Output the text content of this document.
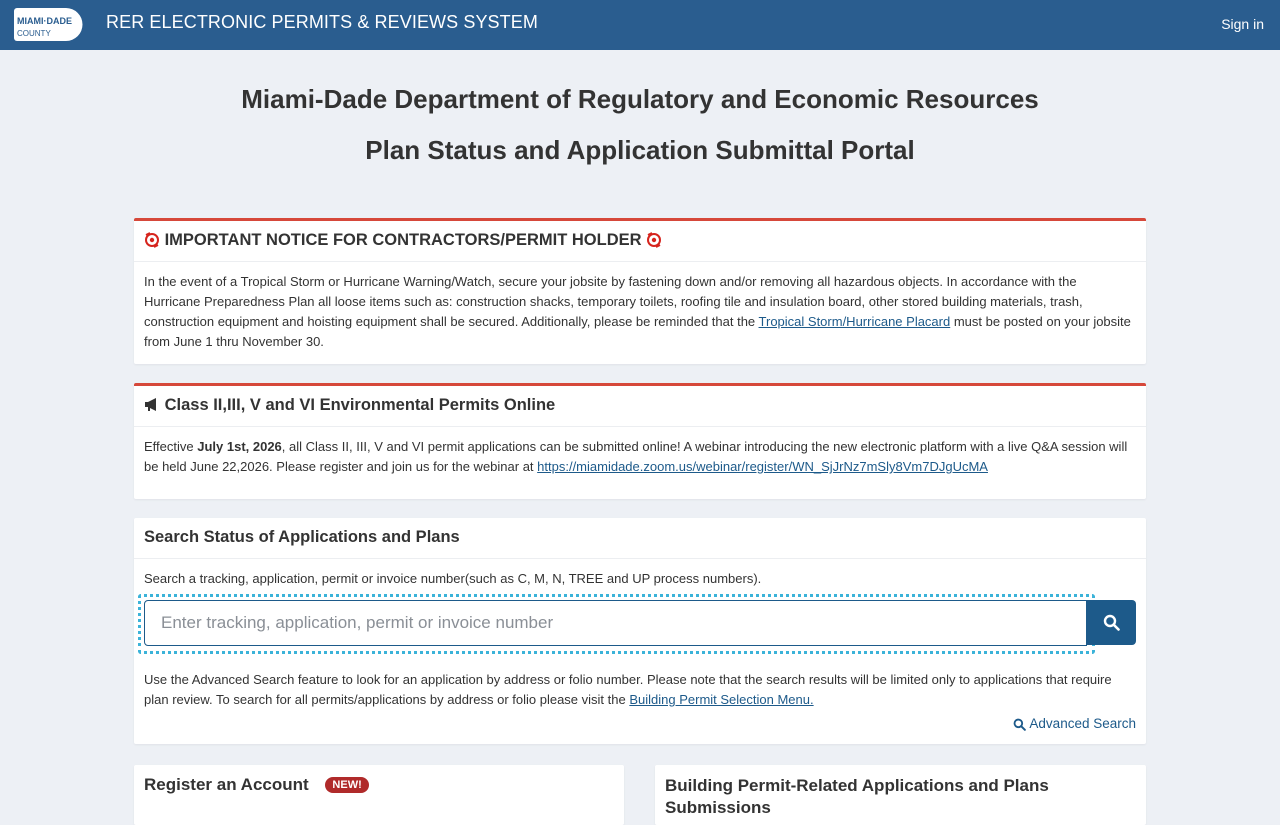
MIAMI·DADE
COUNTY
RER ELECTRONIC PERMITS & REVIEWS SYSTEM	Sign in
Miami-Dade Department of Regulatory and Economic Resources
Plan Status and Application Submittal Portal
IMPORTANT NOTICE FOR CONTRACTORS/PERMIT HOLDER
In the event of a Tropical Storm or Hurricane Warning/Watch, secure your jobsite by fastening down and/or removing all hazardous objects. In accordance with the Hurricane Preparedness Plan all loose items such as: construction shacks, temporary toilets, roofing tile and insulation board, other stored building materials, trash, construction equipment and hoisting equipment shall be secured. Additionally, please be reminded that the Tropical Storm/Hurricane Placard must be posted on your jobsite from June 1 thru November 30.
Class II,III, V and VI Environmental Permits Online
Effective July 1st, 2026, all Class II, III, V and VI permit applications can be submitted online! A webinar introducing the new electronic platform with a live Q&A session will be held June 22,2026. Please register and join us for the webinar at https://miamidade.zoom.us/webinar/register/WN_SjJrNz7mSly8Vm7DJgUcMA
Search Status of Applications and Plans
Search a tracking, application, permit or invoice number(such as C, M, N, TREE and UP process numbers).
Enter tracking, application, permit or invoice number
Use the Advanced Search feature to look for an application by address or folio number. Please note that the search results will be limited only to applications that require plan review. To search for all permits/applications by address or folio please visit the Building Permit Selection Menu.
Advanced Search
Register an Account NEW!	Building Permit-Related Applications and Plans Submissions
